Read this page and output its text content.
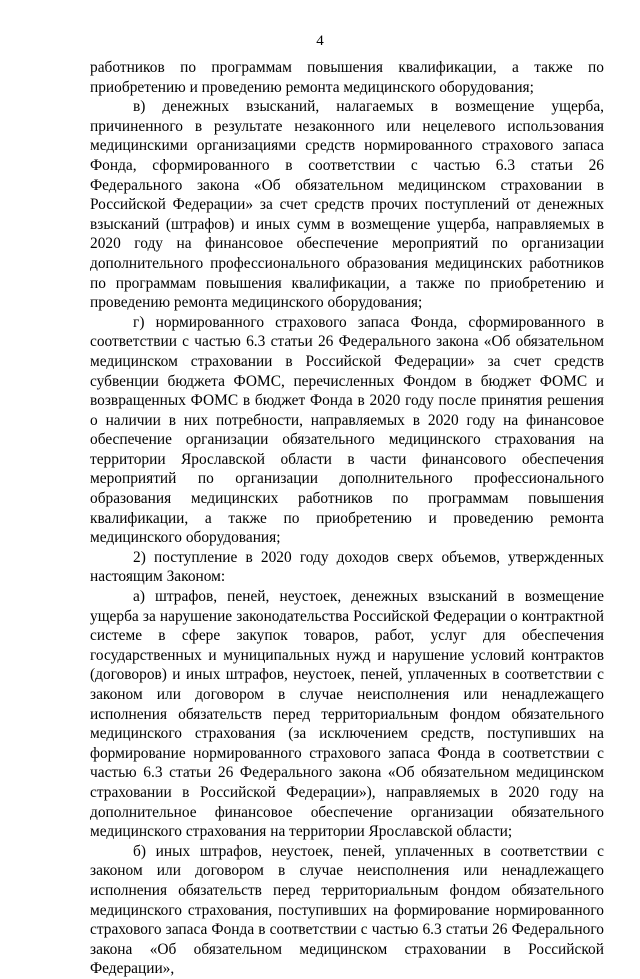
4

работников по программам повышения квалификации, а также по приобретению и проведению ремонта медицинского оборудования;

в) денежных взысканий, налагаемых в возмещение ущерба, причиненного в результате незаконного или нецелевого использования медицинскими организациями средств нормированного страхового запаса Фонда, сформированного в соответствии с частью 6.3 статьи 26 Федерального закона «Об обязательном медицинском страховании в Российской Федерации» за счет средств прочих поступлений от денежных взысканий (штрафов) и иных сумм в возмещение ущерба, направляемых в 2020 году на финансовое обеспечение мероприятий по организации дополнительного профессионального образования медицинских работников по программам повышения квалификации, а также по приобретению и проведению ремонта медицинского оборудования;

г) нормированного страхового запаса Фонда, сформированного в соответствии с частью 6.3 статьи 26 Федерального закона «Об обязательном медицинском страховании в Российской Федерации» за счет средств субвенции бюджета ФОМС, перечисленных Фондом в бюджет ФОМС и возвращенных ФОМС в бюджет Фонда в 2020 году после принятия решения о наличии в них потребности, направляемых в 2020 году на финансовое обеспечение организации обязательного медицинского страхования на территории Ярославской области в части финансового обеспечения мероприятий по организации дополнительного профессионального образования медицинских работников по программам повышения квалификации, а также по приобретению и проведению ремонта медицинского оборудования;

2) поступление в 2020 году доходов сверх объемов, утвержденных настоящим Законом:

а) штрафов, пеней, неустоек, денежных взысканий в возмещение ущерба за нарушение законодательства Российской Федерации о контрактной системе в сфере закупок товаров, работ, услуг для обеспечения государственных и муниципальных нужд и нарушение условий контрактов (договоров) и иных штрафов, неустоек, пеней, уплаченных в соответствии с законом или договором в случае неисполнения или ненадлежащего исполнения обязательств перед территориальным фондом обязательного медицинского страхования (за исключением средств, поступивших на формирование нормированного страхового запаса Фонда в соответствии с частью 6.3 статьи 26 Федерального закона «Об обязательном медицинском страховании в Российской Федерации»), направляемых в 2020 году на дополнительное финансовое обеспечение организации обязательного медицинского страхования на территории Ярославской области;

б) иных штрафов, неустоек, пеней, уплаченных в соответствии с законом или договором в случае неисполнения или ненадлежащего исполнения обязательств перед территориальным фондом обязательного медицинского страхования, поступивших на формирование нормированного страхового запаса Фонда в соответствии с частью 6.3 статьи 26 Федерального закона «Об обязательном медицинском страховании в Российской Федерации»,
